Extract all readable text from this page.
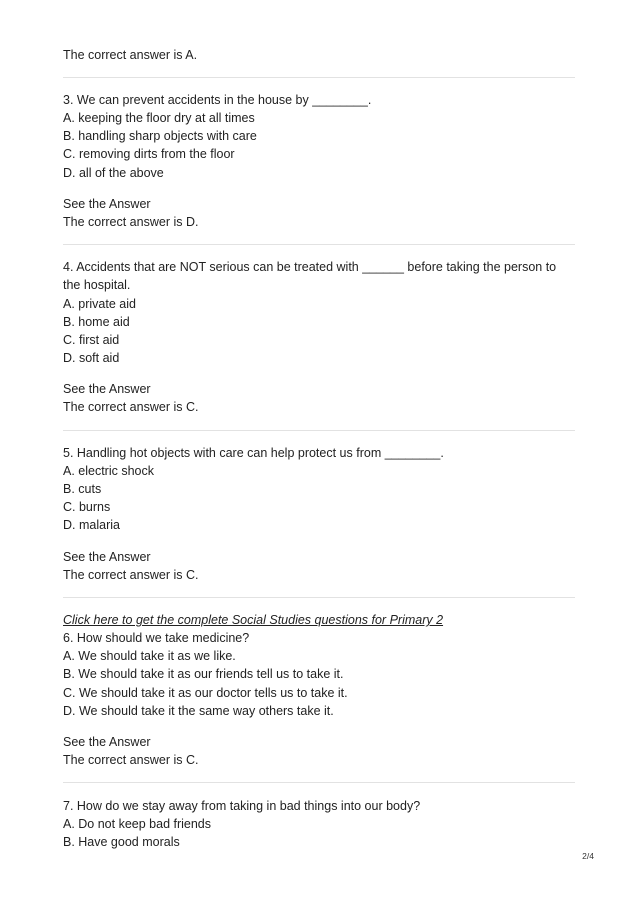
The correct answer is A.
3. We can prevent accidents in the house by ________.
A. keeping the floor dry at all times
B. handling sharp objects with care
C. removing dirts from the floor
D. all of the above
See the Answer
The correct answer is D.
4. Accidents that are NOT serious can be treated with ______ before taking the person to
the hospital.
A. private aid
B. home aid
C. first aid
D. soft aid
See the Answer
The correct answer is C.
5. Handling hot objects with care can help protect us from ________.
A. electric shock
B. cuts
C. burns
D. malaria
See the Answer
The correct answer is C.
Click here to get the complete Social Studies questions for Primary 2
6. How should we take medicine?
A. We should take it as we like.
B. We should take it as our friends tell us to take it.
C. We should take it as our doctor tells us to take it.
D. We should take it the same way others take it.
See the Answer
The correct answer is C.
7. How do we stay away from taking in bad things into our body?
A. Do not keep bad friends
B. Have good morals
2/4
